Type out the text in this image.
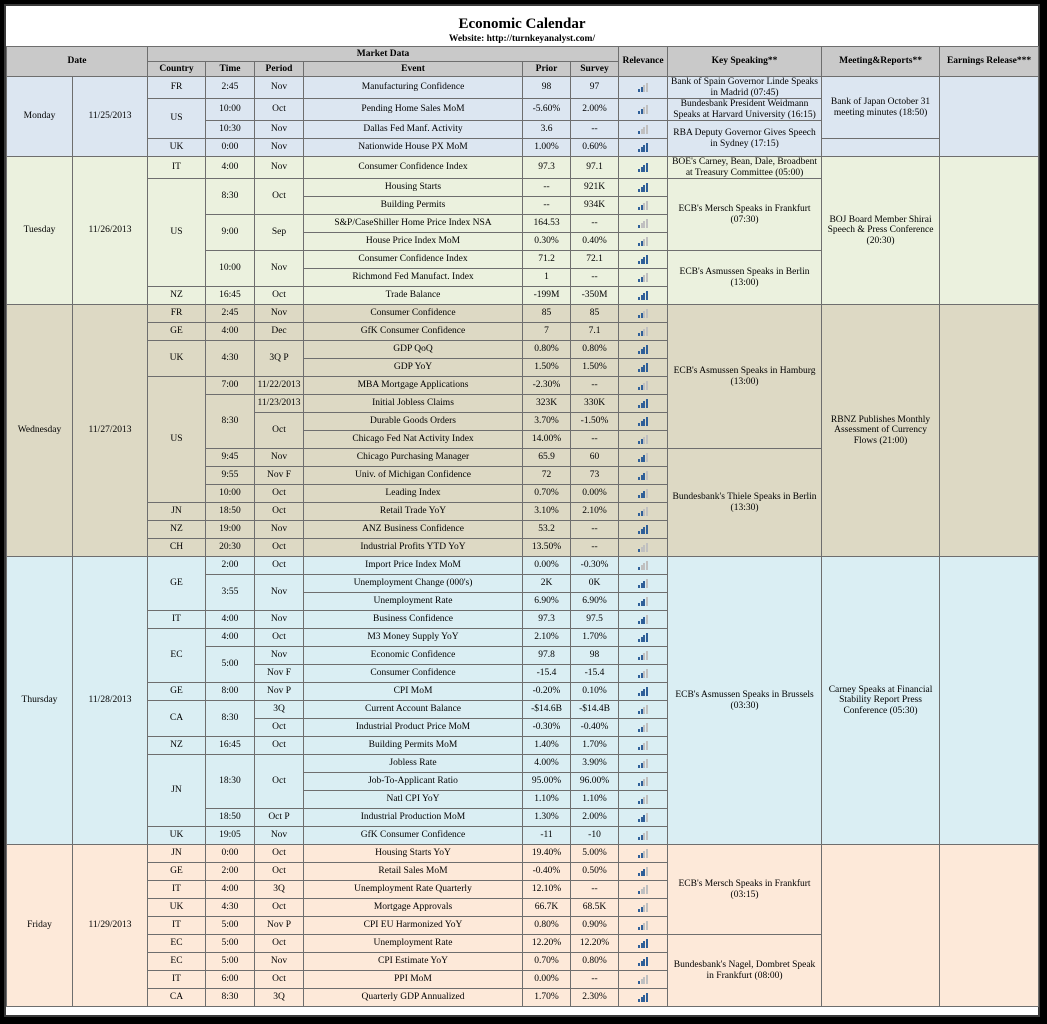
Economic Calendar
Website: http://turnkeyanalyst.com/
Date		Market Data						Relevance	Key Speaking**	Meeting&Reports**	Earnings Release***
		Country	Time	Period	Event	Prior	Survey				
Monday	11/25/2013	FR	2:45	Nov	Manufacturing Confidence	98	97		Bank of Spain Governor Linde Speaks in Madrid (07:45)	Bank of Japan October 31 meeting minutes (18:50)	
		US	10:00	Oct	Pending Home Sales MoM	-5.60%	2.00%		Bundesbank President Weidmann Speaks at Harvard University (16:15)		
			10:30	Nov	Dallas Fed Manf. Activity	3.6	--		RBA Deputy Governor Gives Speech in Sydney (17:15)		
		UK	0:00	Nov	Nationwide House PX MoM	1.00%	0.60%			

Tuesday	11/26/2013	IT	4:00	Nov	Consumer Confidence Index	97.3	97.1		BOE's Carney, Bean, Dale, Broadbent at Treasury Committee (05:00)	BOJ Board Member Shirai Speech & Press Conference (20:30)	
		US	8:30	Oct	Housing Starts	--	921K		ECB's Mersch Speaks in Frankfurt (07:30)		
					Building Permits	--	934K				

			9:00	Sep	S&P/CaseShiller Home Price Index NSA	164.53	--				

					House Price Index MoM	0.30%	0.40%				

			10:00	Nov	Consumer Confidence Index	71.2	72.1		ECB's Asmussen Speaks in Berlin (13:00)		
					Richmond Fed Manufact. Index	1	--				

		NZ	16:45	Oct	Trade Balance	-199M	-350M				

Wednesday	11/27/2013	FR	2:45	Nov	Consumer Confidence	85	85		ECB's Asmussen Speaks in Hamburg (13:00)	RBNZ Publishes Monthly Assessment of Currency Flows (21:00)	
		GE	4:00	Dec	GfK Consumer Confidence	7	7.1				

		UK	4:30	3Q P	GDP QoQ	0.80%	0.80%				

					GDP YoY	1.50%	1.50%				

		US	7:00	11/22/2013	MBA Mortgage Applications	-2.30%	--				

			8:30	11/23/2013	Initial Jobless Claims	323K	330K				

				Oct	Durable Goods Orders	3.70%	-1.50%				

					Chicago Fed Nat Activity Index	14.00%	--				

			9:45	Nov	Chicago Purchasing Manager	65.9	60		Bundesbank's Thiele Speaks in Berlin (13:30)		
			9:55	Nov F	Univ. of Michigan Confidence	72	73				

			10:00	Oct	Leading Index	0.70%	0.00%				

		JN	18:50	Oct	Retail Trade YoY	3.10%	2.10%				

		NZ	19:00	Nov	ANZ Business Confidence	53.2	--				

		CH	20:30	Oct	Industrial Profits YTD YoY	13.50%	--				

Thursday	11/28/2013	GE	2:00	Oct	Import Price Index MoM	0.00%	-0.30%		ECB's Asmussen Speaks in Brussels (03:30)	Carney Speaks at Financial Stability Report Press Conference (05:30)	
			3:55	Nov	Unemployment Change (000's)	2K	0K				

					Unemployment Rate	6.90%	6.90%				

		IT	4:00	Nov	Business Confidence	97.3	97.5				

		EC	4:00	Oct	M3 Money Supply YoY	2.10%	1.70%				

			5:00	Nov	Economic Confidence	97.8	98				

				Nov F	Consumer Confidence	-15.4	-15.4				

		GE	8:00	Nov P	CPI MoM	-0.20%	0.10%				

		CA	8:30	3Q	Current Account Balance	-$14.6B	-$14.4B				

				Oct	Industrial Product Price MoM	-0.30%	-0.40%				

		NZ	16:45	Oct	Building Permits MoM	1.40%	1.70%				

		JN	18:30	Oct	Jobless Rate	4.00%	3.90%				

					Job-To-Applicant Ratio	95.00%	96.00%				

					Natl CPI YoY	1.10%	1.10%				

			18:50	Oct P	Industrial Production MoM	1.30%	2.00%				

		UK	19:05	Nov	GfK Consumer Confidence	-11	-10				

Friday	11/29/2013	JN	0:00	Oct	Housing Starts YoY	19.40%	5.00%		ECB's Mersch Speaks in Frankfurt (03:15)		
		GE	2:00	Oct	Retail Sales MoM	-0.40%	0.50%				

		IT	4:00	3Q	Unemployment Rate Quarterly	12.10%	--				

		UK	4:30	Oct	Mortgage Approvals	66.7K	68.5K				

		IT	5:00	Nov P	CPI EU Harmonized YoY	0.80%	0.90%				

		EC	5:00	Oct	Unemployment Rate	12.20%	12.20%		Bundesbank's Nagel, Dombret Speak in Frankfurt (08:00)		
		EC	5:00	Nov	CPI Estimate YoY	0.70%	0.80%				

		IT	6:00	Oct	PPI MoM	0.00%	--				

		CA	8:30	3Q	Quarterly GDP Annualized	1.70%	2.30%				
